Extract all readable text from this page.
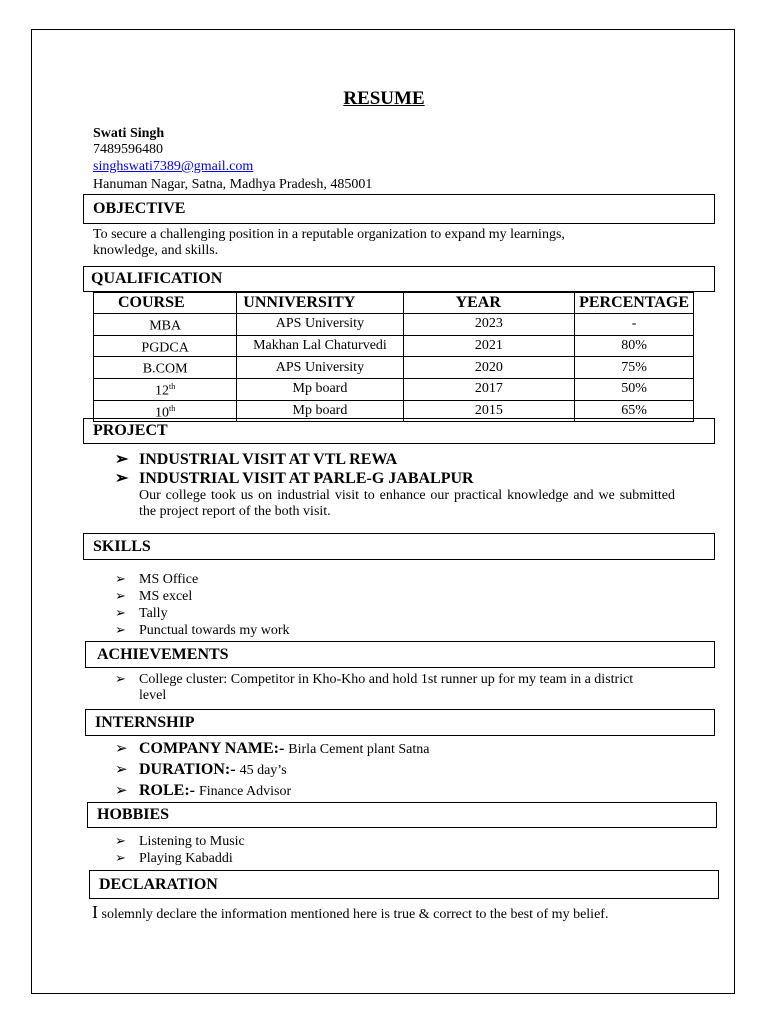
RESUME
Swati Singh
7489596480
singhswati7389@gmail.com
Hanuman Nagar, Satna, Madhya Pradesh, 485001
OBJECTIVE
To secure a challenging position in a reputable organization to expand my learnings,
knowledge, and skills.
QUALIFICATION
COURSE	UNNIVERSITY	YEAR	PERCENTAGE
MBA	APS University	2023	-
PGDCA	Makhan Lal Chaturvedi	2021	80%
B.COM	APS University	2020	75%
12th	Mp board	2017	50%
10th	Mp board	2015	65%
PROJECT
➢ INDUSTRIAL VISIT AT VTL REWA
➢ INDUSTRIAL VISIT AT PARLE-G JABALPUR
Our college took us on industrial visit to enhance our practical knowledge and we submitted the project report of the both visit.
SKILLS
➢ MS Office
➢ MS excel
➢ Tally
➢ Punctual towards my work
ACHIEVEMENTS
➢ College cluster: Competitor in Kho-Kho and hold 1st runner up for my team in a district level
INTERNSHIP
➢ COMPANY NAME:-
Birla Cement plant Satna
➢ DURATION:-
45 day’s
➢ ROLE:-
Finance Advisor
HOBBIES
➢ Listening to Music
➢ Playing Kabaddi
DECLARATION
I solemnly declare the information mentioned here is true & correct to the best of my belief.
